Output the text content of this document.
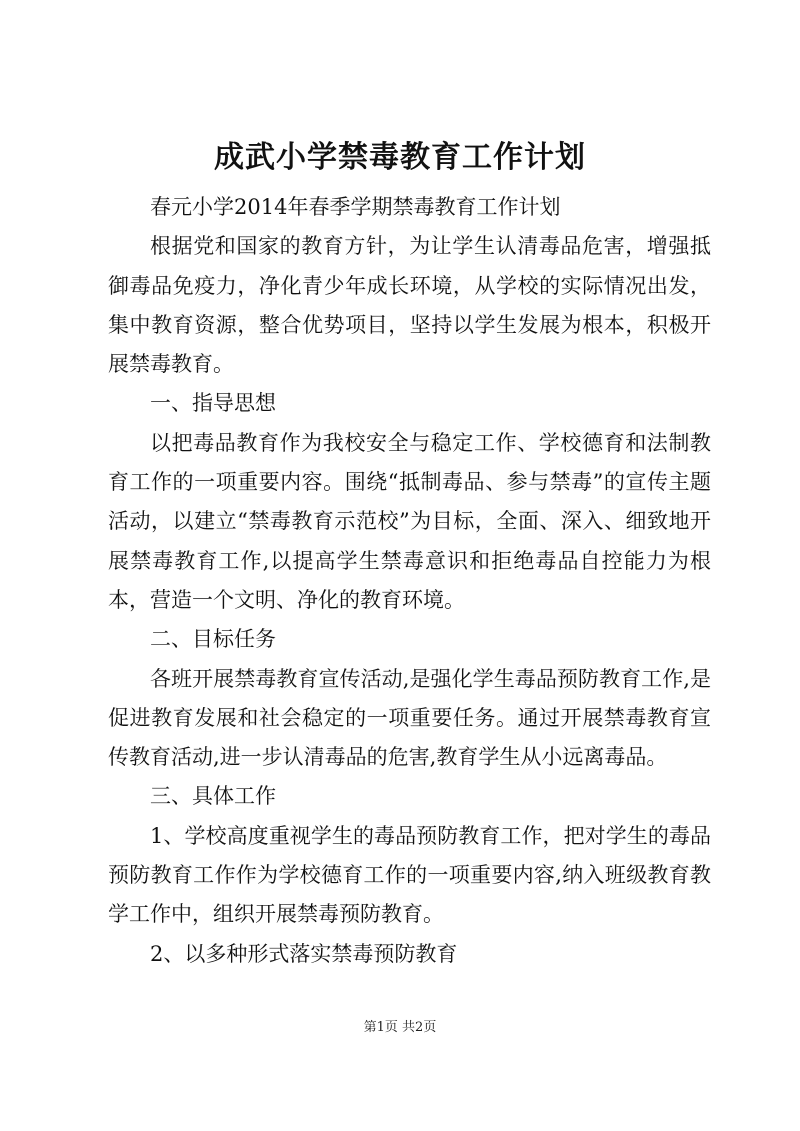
成武小学禁毒教育工作计划

春元小学2014年春季学期禁毒教育工作计划

根据党和国家的教育方针，为让学生认清毒品危害，增强抵御毒品免疫力，净化青少年成长环境，从学校的实际情况出发，集中教育资源，整合优势项目，坚持以学生发展为根本，积极开展禁毒教育。

一、指导思想

以把毒品教育作为我校安全与稳定工作、学校德育和法制教育工作的一项重要内容。围绕“抵制毒品、参与禁毒”的宣传主题活动，以建立“禁毒教育示范校”为目标，全面、深入、细致地开展禁毒教育工作,以提高学生禁毒意识和拒绝毒品自控能力为根本，营造一个文明、净化的教育环境。

二、目标任务

各班开展禁毒教育宣传活动,是强化学生毒品预防教育工作,是促进教育发展和社会稳定的一项重要任务。通过开展禁毒教育宣传教育活动,进一步认清毒品的危害,教育学生从小远离毒品。

三、具体工作

1、学校高度重视学生的毒品预防教育工作，把对学生的毒品预防教育工作作为学校德育工作的一项重要内容,纳入班级教育教学工作中，组织开展禁毒预防教育。

2、以多种形式落实禁毒预防教育

第1页 共2页
